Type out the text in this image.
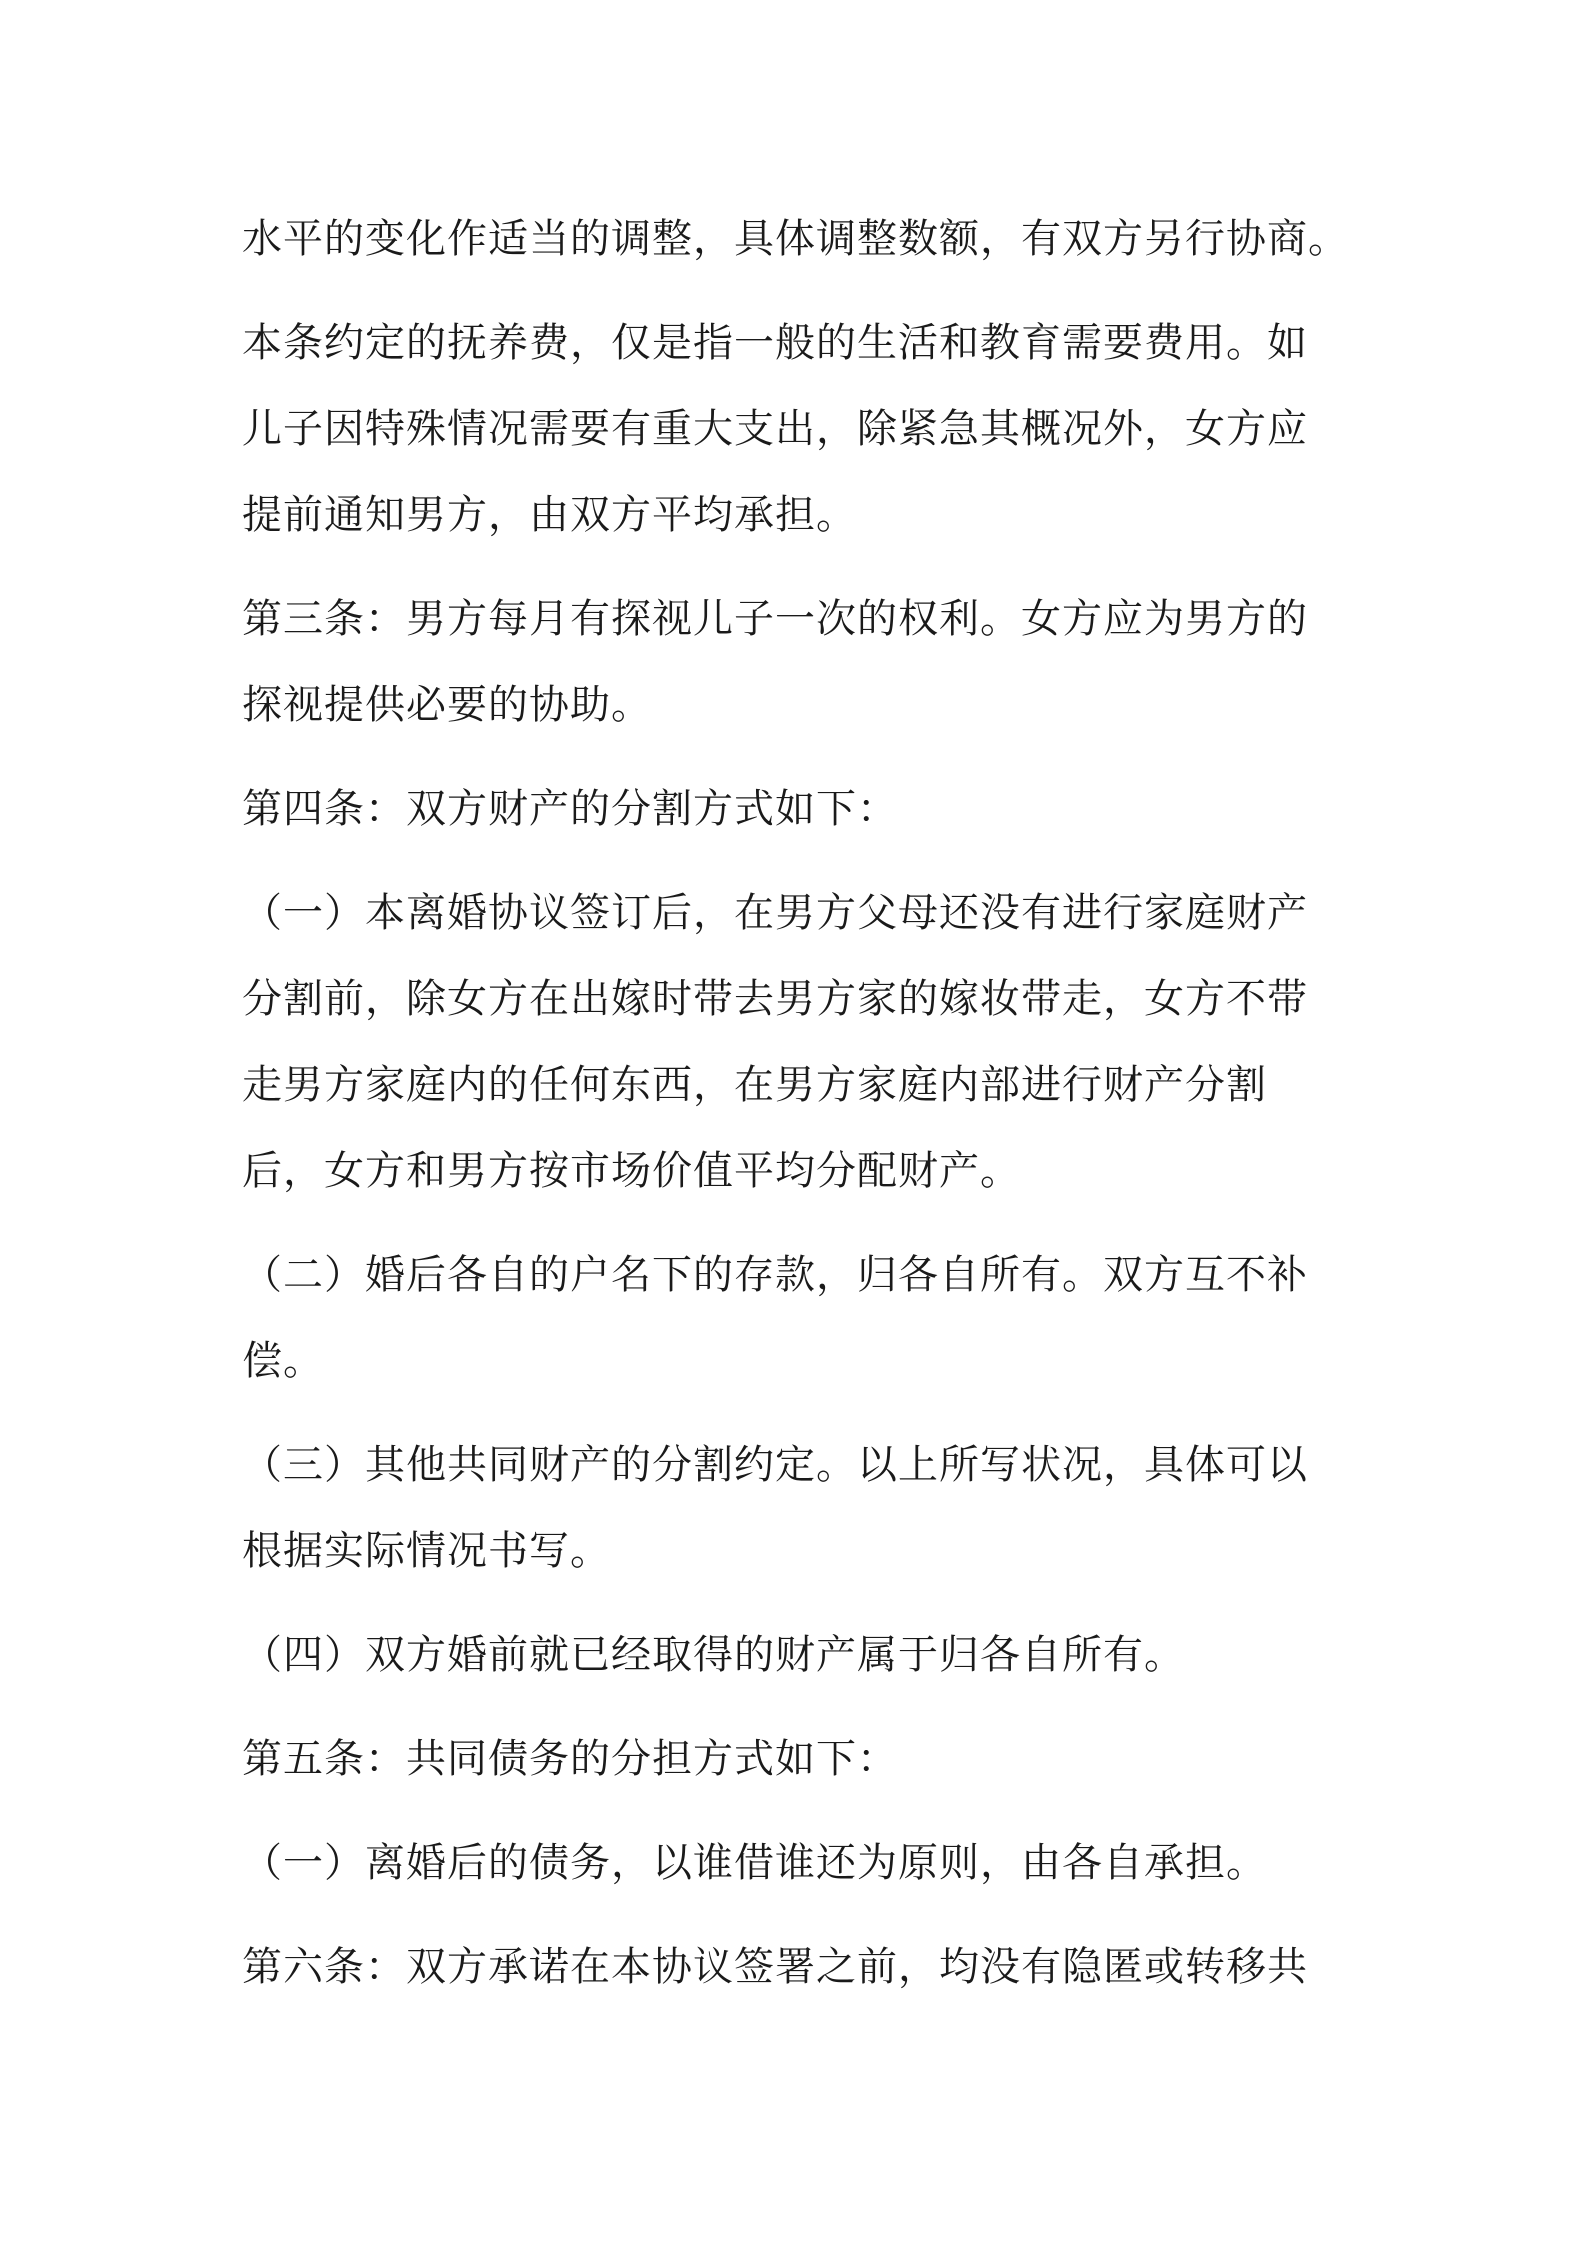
水平的变化作适当的调整，具体调整数额，有双方另行协商。

本条约定的抚养费，仅是指一般的生活和教育需要费用。如
儿子因特殊情况需要有重大支出，除紧急其概况外，女方应
提前通知男方，由双方平均承担。

第三条：男方每月有探视儿子一次的权利。女方应为男方的
探视提供必要的协助。

第四条：双方财产的分割方式如下：

（一）本离婚协议签订后，在男方父母还没有进行家庭财产
分割前，除女方在出嫁时带去男方家的嫁妆带走，女方不带
走男方家庭内的任何东西，在男方家庭内部进行财产分割
后，女方和男方按市场价值平均分配财产。

（二）婚后各自的户名下的存款，归各自所有。双方互不补
偿。

（三）其他共同财产的分割约定。以上所写状况，具体可以
根据实际情况书写。

（四）双方婚前就已经取得的财产属于归各自所有。

第五条：共同债务的分担方式如下：

（一）离婚后的债务，以谁借谁还为原则，由各自承担。

第六条：双方承诺在本协议签署之前，均没有隐匿或转移共
